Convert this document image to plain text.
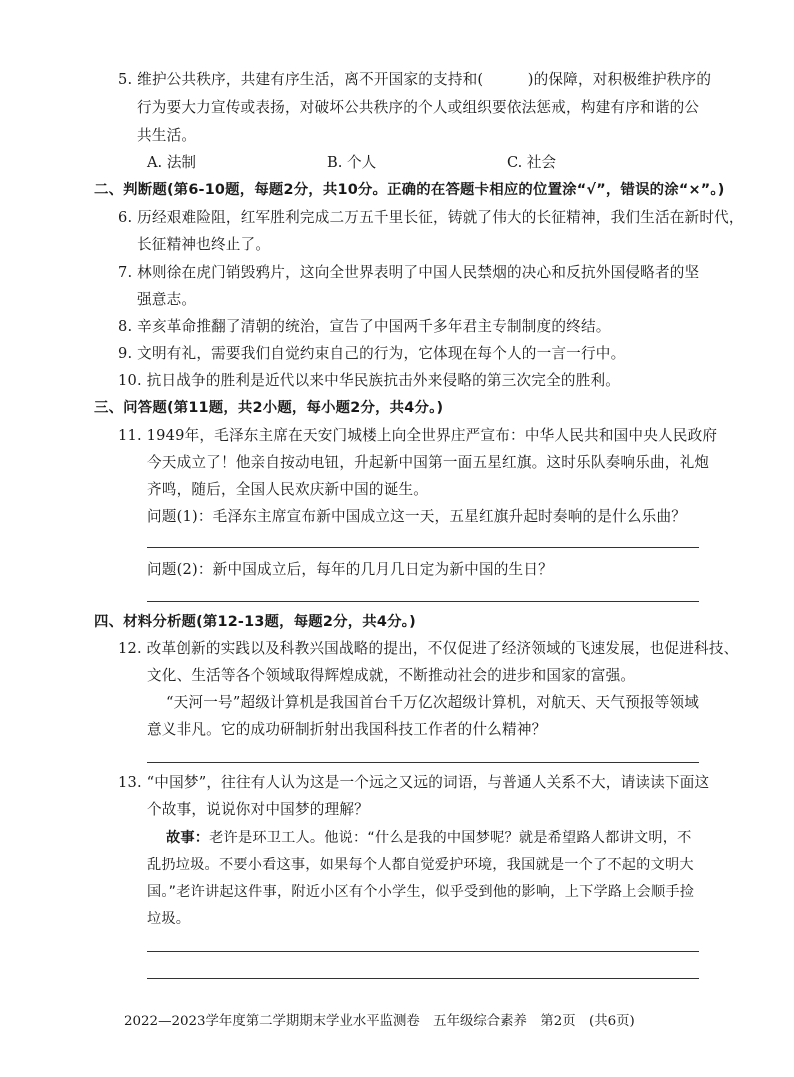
5. 维护公共秩序，共建有序生活，离不开国家的支持和(　　　)的保障，对积极维护秩序的
行为要大力宣传或表扬，对破坏公共秩序的个人或组织要依法惩戒，构建有序和谐的公
共生活。
A. 法制	B. 个人	C. 社会
二、判断题(第6-10题，每题2分，共10分。正确的在答题卡相应的位置涂“√”，错误的涂“×”。)
6. 历经艰难险阻，红军胜利完成二万五千里长征，铸就了伟大的长征精神，我们生活在新时代，
长征精神也终止了。
7. 林则徐在虎门销毁鸦片，这向全世界表明了中国人民禁烟的决心和反抗外国侵略者的坚
强意志。
8. 辛亥革命推翻了清朝的统治，宣告了中国两千多年君主专制制度的终结。
9. 文明有礼，需要我们自觉约束自己的行为，它体现在每个人的一言一行中。
10. 抗日战争的胜利是近代以来中华民族抗击外来侵略的第三次完全的胜利。
三、问答题(第11题，共2小题，每小题2分，共4分。)
11. 1949年，毛泽东主席在天安门城楼上向全世界庄严宣布：中华人民共和国中央人民政府
今天成立了！他亲自按动电钮，升起新中国第一面五星红旗。这时乐队奏响乐曲，礼炮
齐鸣，随后，全国人民欢庆新中国的诞生。
问题(1)：毛泽东主席宣布新中国成立这一天，五星红旗升起时奏响的是什么乐曲？
问题(2)：新中国成立后，每年的几月几日定为新中国的生日？
四、材料分析题(第12-13题，每题2分，共4分。)
12. 改革创新的实践以及科教兴国战略的提出，不仅促进了经济领域的飞速发展，也促进科技、
文化、生活等各个领域取得辉煌成就，不断推动社会的进步和国家的富强。
“天河一号”超级计算机是我国首台千万亿次超级计算机，对航天、天气预报等领域
意义非凡。它的成功研制折射出我国科技工作者的什么精神？
13. “中国梦”，往往有人认为这是一个远之又远的词语，与普通人关系不大，请读读下面这
个故事，说说你对中国梦的理解？
故事：老许是环卫工人。他说：“什么是我的中国梦呢？就是希望路人都讲文明，不
乱扔垃圾。不要小看这事，如果每个人都自觉爱护环境，我国就是一个了不起的文明大
国。”老许讲起这件事，附近小区有个小学生，似乎受到他的影响，上下学路上会顺手捡
垃圾。
2022—2023学年度第二学期期末学业水平监测卷　五年级综合素养　第2页　(共6页)
